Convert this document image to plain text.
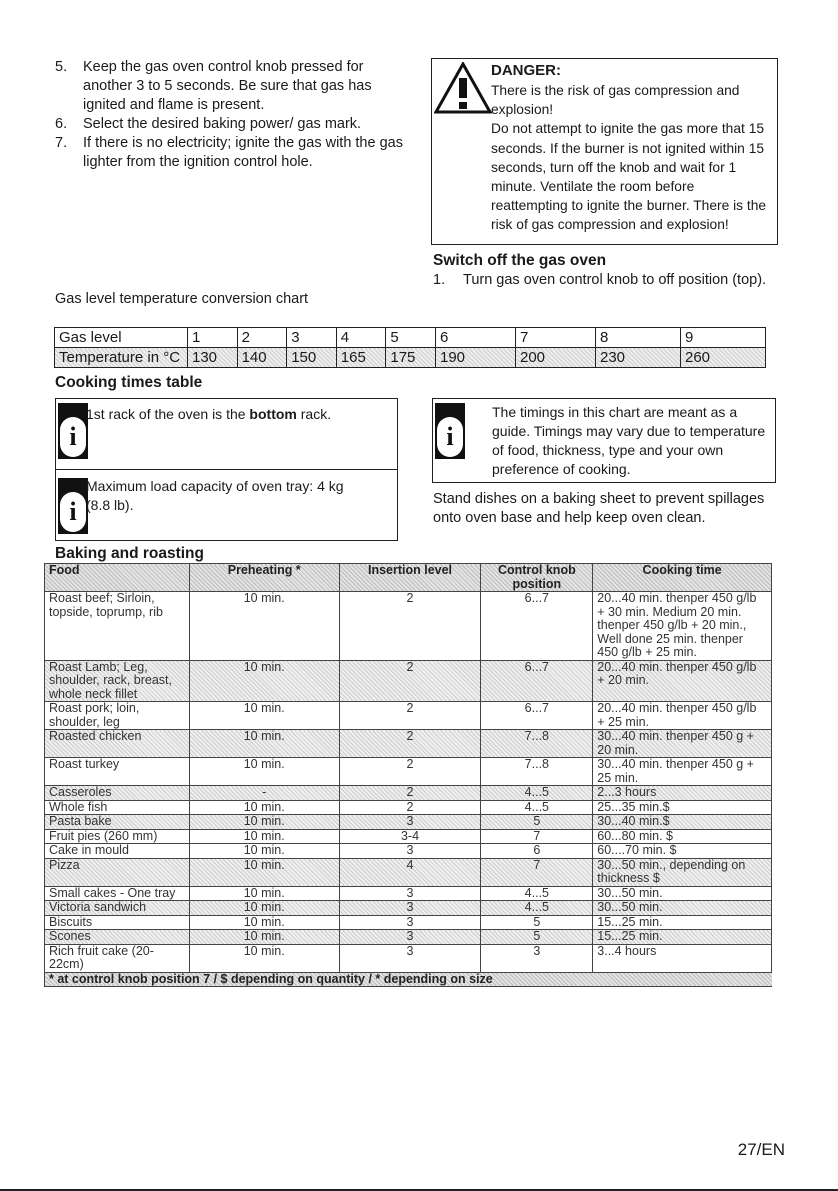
5.	Keep the gas oven control knob pressed for another 3 to 5 seconds. Be sure that gas has ignited and flame is present.
6.	Select the desired baking power/ gas mark.
7.	If there is no electricity; ignite the gas with the gas lighter from the ignition control hole.
DANGER:
There is the risk of gas compression and
explosion!
Do not attempt to ignite the gas more that 15 seconds. If the burner is not ignited within 15 seconds, turn off the knob and wait for 1 minute. Ventilate the room before reattempting to ignite the burner. There is the risk of gas compression and explosion!
Switch off the gas oven
1.	Turn gas oven control knob to off position (top).
Gas level temperature conversion chart
Gas level	1	2	3	4	5	6	7	8	9
Temperature in °C	130	140	150	165	175	190	200	230	260
Cooking times table
i
1st rack of the oven is the bottom rack.
i
Maximum load capacity of oven tray: 4 kg (8.8 lb).
i
The timings in this chart are meant as a guide. Timings may vary due to temperature of food, thickness, type and your own preference of cooking.
Stand dishes on a baking sheet to prevent spillages onto oven base and help keep oven clean.
Baking and roasting
Food	Preheating *	Insertion level	Control knob position	Cooking time
Roast beef; Sirloin, topside, toprump, rib	10 min.	2	6...7	20...40 min. thenper 450 g/lb + 30 min. Medium 20 min. thenper 450 g/lb + 20 min., Well done 25 min. thenper 450 g/lb + 25 min.
Roast Lamb; Leg, shoulder, rack, breast, whole neck fillet	10 min.	2	6...7	20...40 min. thenper 450 g/lb + 20 min.
Roast pork; loin, shoulder, leg	10 min.	2	6...7	20...40 min. thenper 450 g/lb + 25 min.
Roasted chicken	10 min.	2	7...8	30...40 min. thenper 450 g + 20 min.
Roast turkey	10 min.	2	7...8	30...40 min. thenper 450 g + 25 min.
Casseroles	-	2	4...5	2...3 hours
Whole fish	10 min.	2	4...5	25...35 min.$
Pasta bake	10 min.	3	5	30...40 min.$
Fruit pies (260 mm)	10 min.	3-4	7	60...80 min. $
Cake in mould	10 min.	3	6	60....70 min. $
Pizza	10 min.	4	7	30...50 min., depending on thickness $
Small cakes - One tray	10 min.	3	4...5	30...50 min.
Victoria sandwich	10 min.	3	4...5	30...50 min.
Biscuits	10 min.	3	5	15...25 min.
Scones	10 min.	3	5	15...25 min.
Rich fruit cake (20-22cm)	10 min.	3	3	3...4 hours
* at control knob position 7 / $ depending on quantity / * depending on size				
27/EN
